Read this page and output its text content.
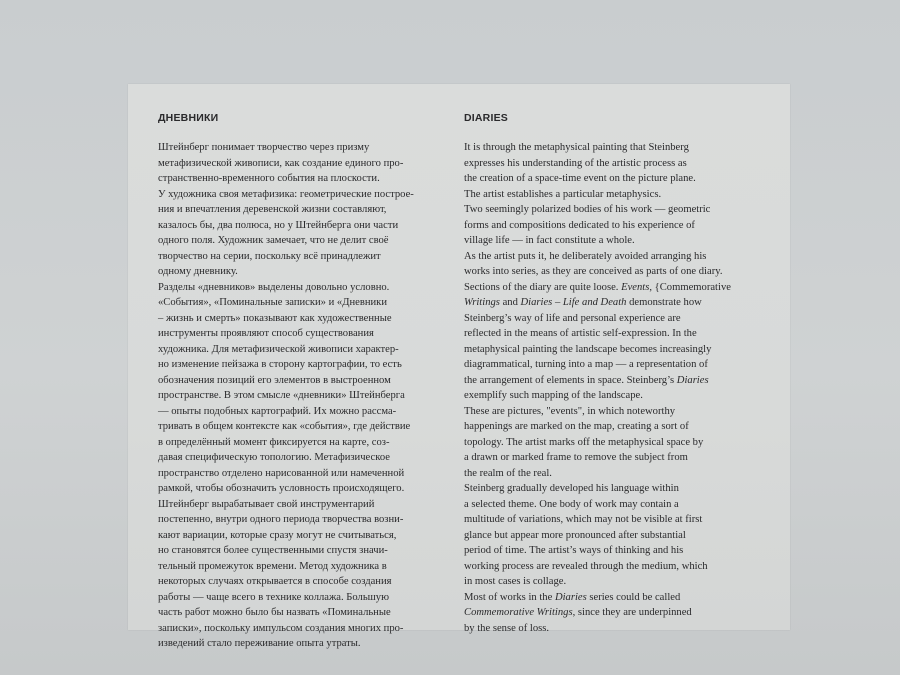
ДНЕВНИКИ
Штейнберг понимает творчество через призму
метафизической живописи, как создание единого про-
странственно-временного события на плоскости.
У художника своя метафизика: геометрические построе-
ния и впечатления деревенской жизни составляют,
казалось бы, два полюса, но у Штейнберга они части
одного поля. Художник замечает, что не делит своё
творчество на серии, поскольку всё принадлежит
одному дневнику.
Разделы «дневников» выделены довольно условно.
«События», «Поминальные записки» и «Дневники
– жизнь и смерть» показывают как художественные
инструменты проявляют способ существования
художника. Для метафизической живописи характер-
но изменение пейзажа в сторону картографии, то есть
обозначения позиций его элементов в выстроенном
пространстве. В этом смысле «дневники» Штейнберга
— опыты подобных картографий. Их можно рассма-
тривать в общем контексте как «события», где действие
в определённый момент фиксируется на карте, соз-
давая специфическую топологию. Метафизическое
пространство отделено нарисованной или намеченной
рамкой, чтобы обозначить условность происходящего.
Штейнберг вырабатывает свой инструментарий
постепенно, внутри одного периода творчества возни-
кают вариации, которые сразу могут не считываться,
но становятся более существенными спустя значи-
тельный промежуток времени. Метод художника в
некоторых случаях открывается в способе создания
работы — чаще всего в технике коллажа. Большую
часть работ можно было бы назвать «Поминальные
записки», поскольку импульсом создания многих про-
изведений стало переживание опыта утраты.
DIARIES
It is through the metaphysical painting that Steinberg
expresses his understanding of the artistic process as
the creation of a space-time event on the picture plane.
The artist establishes a particular metaphysics.
Two seemingly polarized bodies of his work — geometric
forms and compositions dedicated to his experience of
village life — in fact constitute a whole.
As the artist puts it, he deliberately avoided arranging his
works into series, as they are conceived as parts of one diary.
Sections of the diary are quite loose. Events, {Commemorative
Writings and Diaries – Life and Death demonstrate how
Steinberg’s way of life and personal experience are
reflected in the means of artistic self-expression. In the
metaphysical painting the landscape becomes increasingly
diagrammatical, turning into a map — a representation of
the arrangement of elements in space. Steinberg’s Diaries
exemplify such mapping of the landscape.
These are pictures, "events", in which noteworthy
happenings are marked on the map, creating a sort of
topology. The artist marks off the metaphysical space by
a drawn or marked frame to remove the subject from
the realm of the real.
Steinberg gradually developed his language within
a selected theme. One body of work may contain a
multitude of variations, which may not be visible at first
glance but appear more pronounced after substantial
period of time. The artist’s ways of thinking and his
working process are revealed through the medium, which
in most cases is collage.
Most of works in the Diaries series could be called
Commemorative Writings, since they are underpinned
by the sense of loss.
